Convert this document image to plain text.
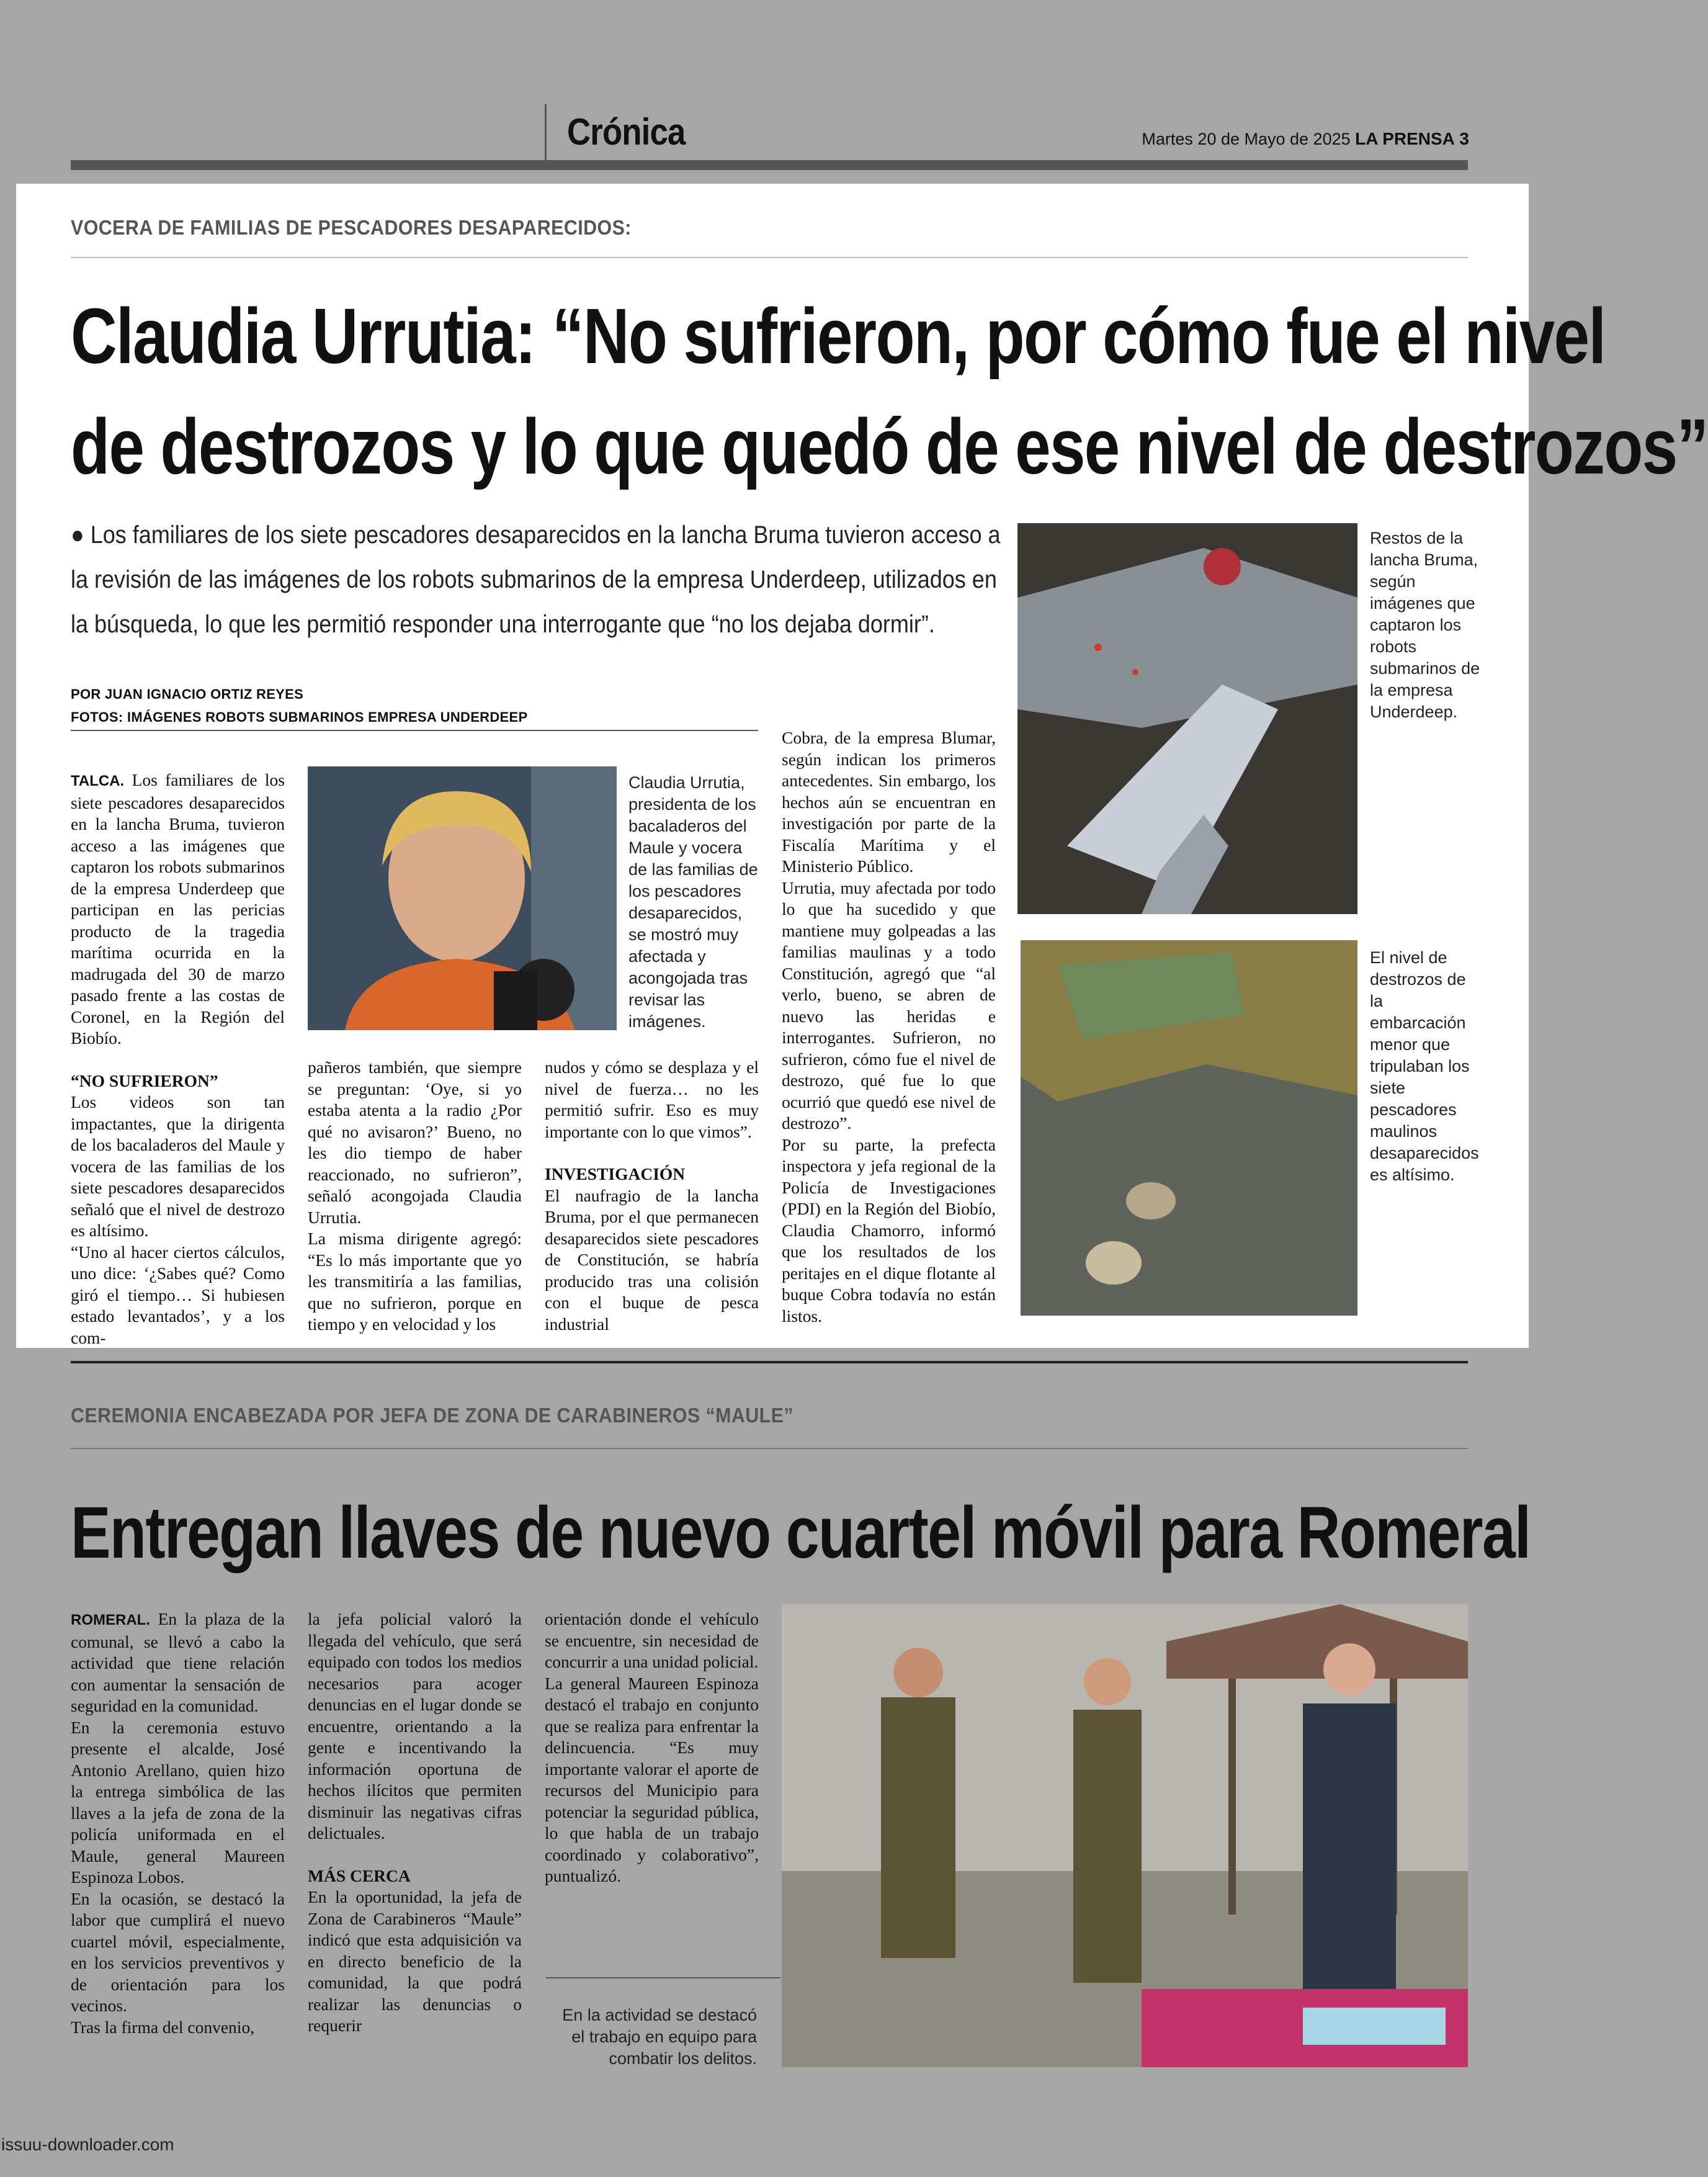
Crónica	Martes 20 de Mayo de 2025 LA PRENSA 3
VOCERA DE FAMILIAS DE PESCADORES DESAPARECIDOS:
Claudia Urrutia: “No sufrieron, por cómo fue el nivel
de destrozos y lo que quedó de ese nivel de destrozos”
● Los familiares de los siete pescadores desaparecidos en la lancha Bruma tuvieron acceso a la revisión de las imágenes de los robots submarinos de la empresa Underdeep, utilizados en la búsqueda, lo que les permitió responder una interrogante que “no los dejaba dormir”.
POR JUAN IGNACIO ORTIZ REYES
FOTOS: IMÁGENES ROBOTS SUBMARINOS EMPRESA UNDERDEEP

TALCA. Los familiares de los siete pescadores desaparecidos en la lancha Bruma, tuvieron acceso a las imágenes que captaron los robots submarinos de la empresa Underdeep que participan en las pericias producto de la tragedia marítima ocurrida en la madrugada del 30 de marzo pasado frente a las costas de Coronel, en la Región del Biobío.

“NO SUFRIERON”

Los videos son tan impactantes, que la dirigenta de los bacaladeros del Maule y vocera de las familias de los siete pescadores desaparecidos señaló que el nivel de destrozo es altísimo.

“Uno al hacer ciertos cálculos, uno dice: ‘¿Sabes qué? Como giró el tiempo… Si hubiesen estado levantados’, y a los com-

Claudia Urrutia, presidenta de los bacaladeros del Maule y vocera de las familias de los pescadores desaparecidos, se mostró muy afectada y acongojada tras revisar las imágenes.

pañeros también, que siempre se preguntan: ‘Oye, si yo estaba atenta a la radio ¿Por qué no avisaron?’ Bueno, no les dio tiempo de haber reaccionado, no sufrieron”, señaló acongojada Claudia Urrutia.

La misma dirigente agregó: “Es lo más importante que yo les transmitiría a las familias, que no sufrieron, porque en tiempo y en velocidad y los

nudos y cómo se desplaza y el nivel de fuerza… no les permitió sufrir. Eso es muy importante con lo que vimos”.

INVESTIGACIÓN

El naufragio de la lancha Bruma, por el que permanecen desaparecidos siete pescadores de Constitución, se habría producido tras una colisión con el buque de pesca industrial

Cobra, de la empresa Blumar, según indican los primeros antecedentes. Sin embargo, los hechos aún se encuentran en investigación por parte de la Fiscalía Marítima y el Ministerio Público.

Urrutia, muy afectada por todo lo que ha sucedido y que mantiene muy golpeadas a las familias maulinas y a todo Constitución, agregó que “al verlo, bueno, se abren de nuevo las heridas e interrogantes. Sufrieron, no sufrieron, cómo fue el nivel de destrozo, qué fue lo que ocurrió que quedó ese nivel de destrozo”.

Por su parte, la prefecta inspectora y jefa regional de la Policía de Investigaciones (PDI) en la Región del Biobío, Claudia Chamorro, informó que los resultados de los peritajes en el dique flotante al buque Cobra todavía no están listos.

Restos de la lancha Bruma, según imágenes que captaron los robots submarinos de la empresa Underdeep.
El nivel de destrozos de la embarcación menor que tripulaban los siete pescadores maulinos desaparecidos es altísimo.
CEREMONIA ENCABEZADA POR JEFA DE ZONA DE CARABINEROS “MAULE”
Entregan llaves de nuevo cuartel móvil para Romeral

ROMERAL. En la plaza de la comunal, se llevó a cabo la actividad que tiene relación con aumentar la sensación de seguridad en la comunidad.

En la ceremonia estuvo presente el alcalde, José Antonio Arellano, quien hizo la entrega simbólica de las llaves a la jefa de zona de la policía uniformada en el Maule, general Maureen Espinoza Lobos.

En la ocasión, se destacó la labor que cumplirá el nuevo cuartel móvil, especialmente, en los servicios preventivos y de orientación para los vecinos.

Tras la firma del convenio,

la jefa policial valoró la llegada del vehículo, que será equipado con todos los medios necesarios para acoger denuncias en el lugar donde se encuentre, orientando a la gente e incentivando la información oportuna de hechos ilícitos que permiten disminuir las negativas cifras delictuales.

MÁS CERCA

En la oportunidad, la jefa de Zona de Carabineros “Maule” indicó que esta adquisición va en directo beneficio de la comunidad, la que podrá realizar las denuncias o requerir

orientación donde el vehículo se encuentre, sin necesidad de concurrir a una unidad policial.

La general Maureen Espinoza destacó el trabajo en conjunto que se realiza para enfrentar la delincuencia. “Es muy importante valorar el aporte de recursos del Municipio para potenciar la seguridad pública, lo que habla de un trabajo coordinado y colaborativo”, puntualizó.

En la actividad se destacó el trabajo en equipo para combatir los delitos.
issuu-downloader.com
